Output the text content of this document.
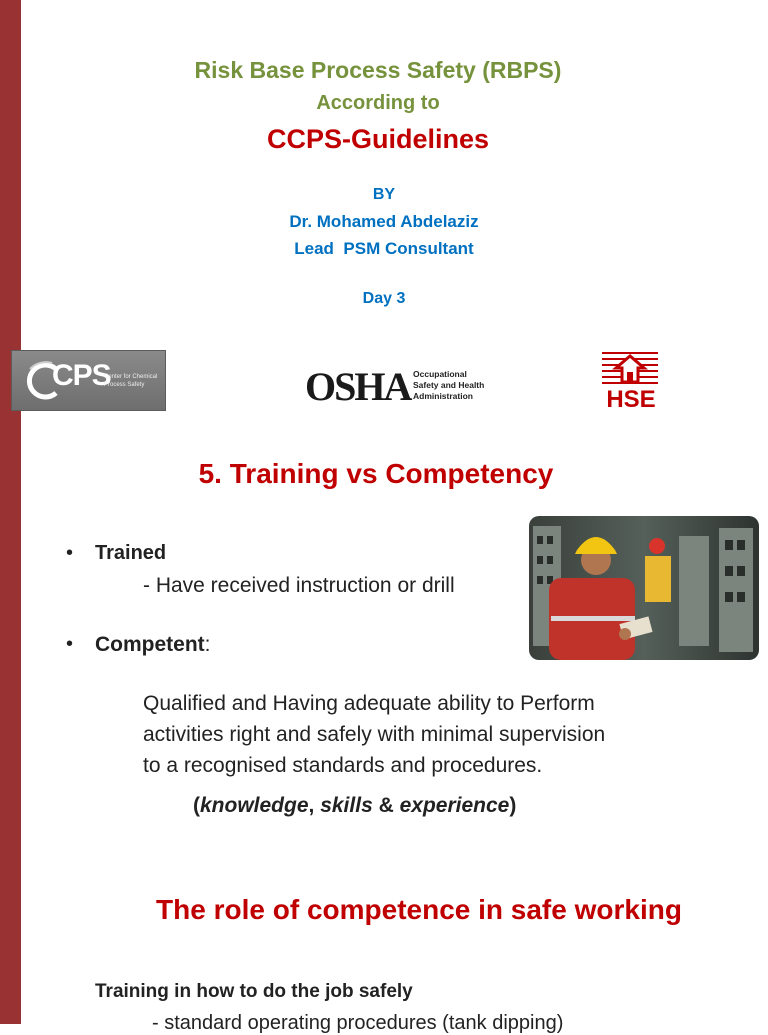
Risk Base Process Safety (RBPS)
According to
CCPS-Guidelines
BY
Dr. Mohamed Abdelaziz
Lead  PSM Consultant
Day 3
CPS
Center for Chemical Process Safety	OSHA Occupational
Safety and Health
Administration	HSE
5. Training vs Competency
• Trained
- Have received instruction or drill
• Competent:
Qualified and Having adequate ability to Perform
activities right and safely with minimal supervision
to a recognised standards and procedures.
(knowledge, skills & experience)
The role of competence in safe working
Training in how to do the job safely
- standard operating procedures (tank dipping)
